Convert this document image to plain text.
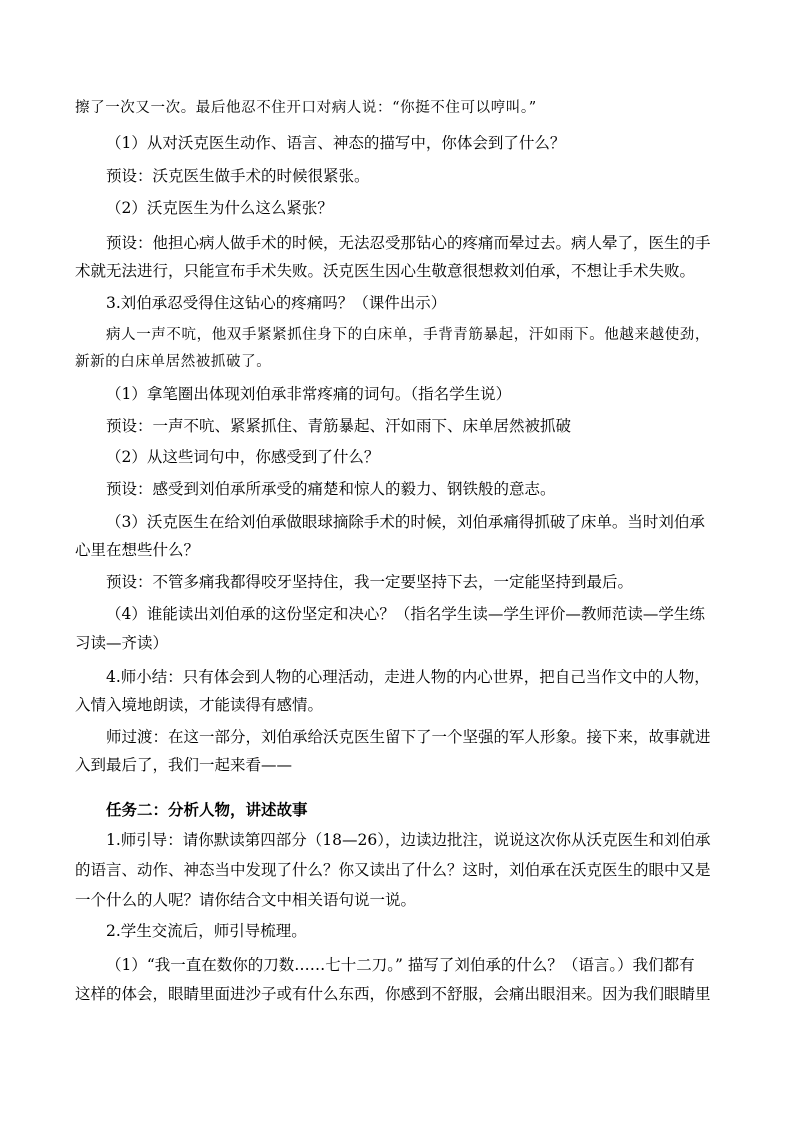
擦了一次又一次。最后他忍不住开口对病人说：“你挺不住可以哼叫。”
（1）从对沃克医生动作、语言、神态的描写中，你体会到了什么？
预设：沃克医生做手术的时候很紧张。
（2）沃克医生为什么这么紧张？
预设：他担心病人做手术的时候，无法忍受那钻心的疼痛而晕过去。病人晕了，医生的手
术就无法进行，只能宣布手术失败。沃克医生因心生敬意很想救刘伯承，不想让手术失败。
3.刘伯承忍受得住这钻心的疼痛吗？（课件出示）
病人一声不吭，他双手紧紧抓住身下的白床单，手背青筋暴起，汗如雨下。他越来越使劲，
新新的白床单居然被抓破了。
（1）拿笔圈出体现刘伯承非常疼痛的词句。（指名学生说）
预设：一声不吭、紧紧抓住、青筋暴起、汗如雨下、床单居然被抓破
（2）从这些词句中，你感受到了什么？
预设：感受到刘伯承所承受的痛楚和惊人的毅力、钢铁般的意志。
（3）沃克医生在给刘伯承做眼球摘除手术的时候，刘伯承痛得抓破了床单。当时刘伯承
心里在想些什么？
预设：不管多痛我都得咬牙坚持住，我一定要坚持下去，一定能坚持到最后。
（4）谁能读出刘伯承的这份坚定和决心？（指名学生读—学生评价—教师范读—学生练
习读—齐读）
4.师小结：只有体会到人物的心理活动，走进人物的内心世界，把自己当作文中的人物，
入情入境地朗读，才能读得有感情。
师过渡：在这一部分，刘伯承给沃克医生留下了一个坚强的军人形象。接下来，故事就进
入到最后了，我们一起来看——
任务二：分析人物，讲述故事
1.师引导：请你默读第四部分（18—26），边读边批注，说说这次你从沃克医生和刘伯承
的语言、动作、神态当中发现了什么？你又读出了什么？这时，刘伯承在沃克医生的眼中又是
一个什么的人呢？请你结合文中相关语句说一说。
2.学生交流后，师引导梳理。
（1）“我一直在数你的刀数……七十二刀。” 描写了刘伯承的什么？（语言。）我们都有
这样的体会，眼睛里面进沙子或有什么东西，你感到不舒服，会痛出眼泪来。因为我们眼睛里
